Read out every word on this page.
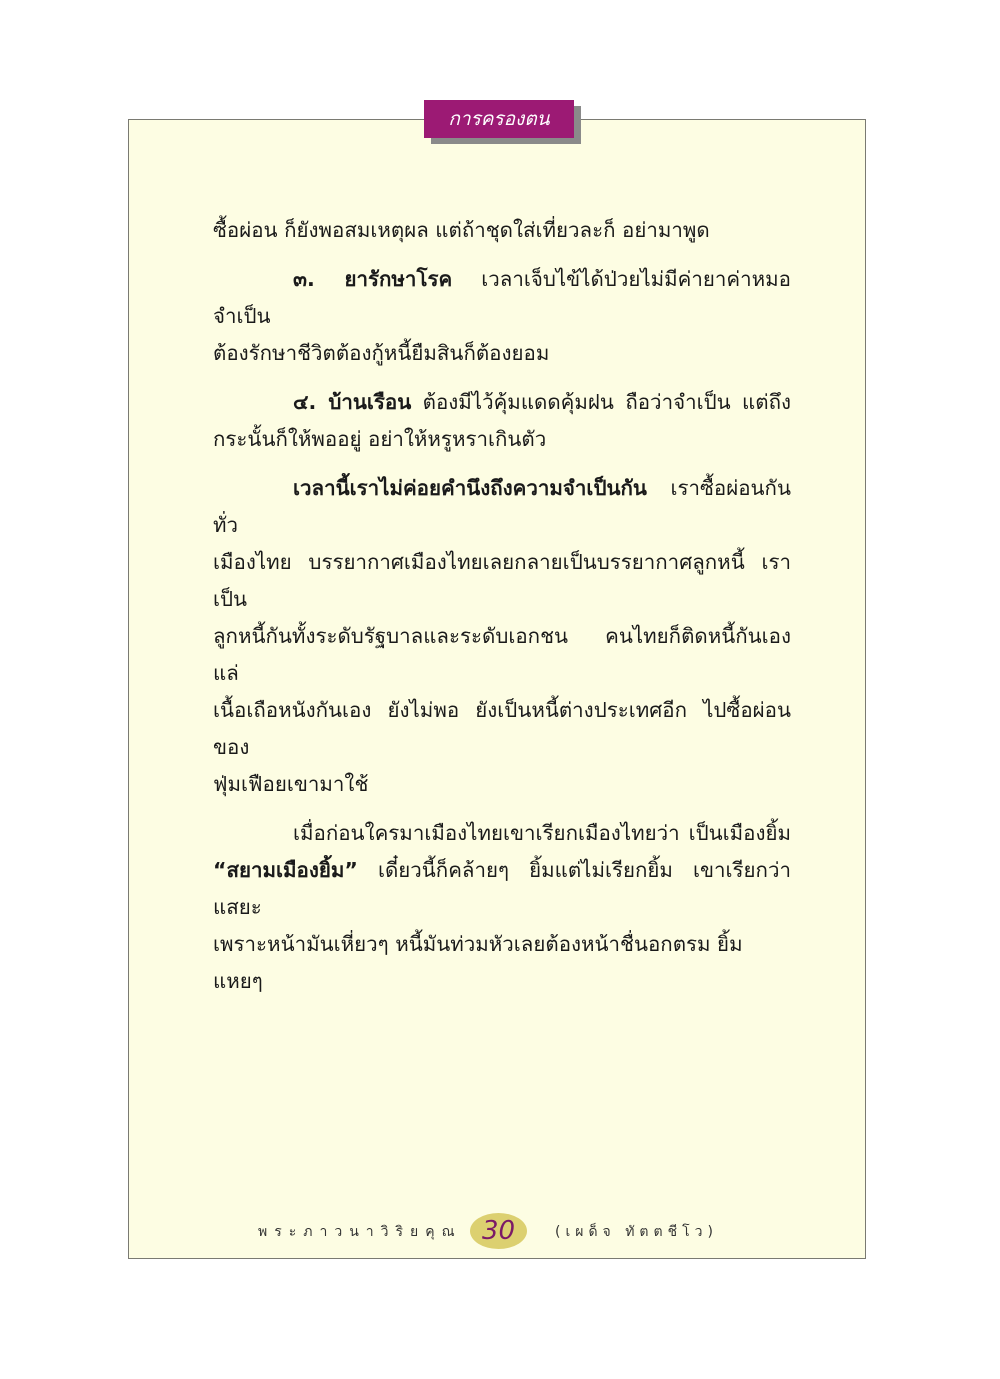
การครองตน

ซื้อผ่อน ก็ยังพอสมเหตุผล แต่ถ้าชุดใส่เที่ยวละก็ อย่ามาพูด

๓. ยารักษาโรค เวลาเจ็บไข้ได้ป่วยไม่มีค่ายาค่าหมอ จำเป็น

ต้องรักษาชีวิตต้องกู้หนี้ยืมสินก็ต้องยอม

๔. บ้านเรือน ต้องมีไว้คุ้มแดดคุ้มฝน ถือว่าจำเป็น แต่ถึง

กระนั้นก็ให้พออยู่ อย่าให้หรูหราเกินตัว

เวลานี้เราไม่ค่อยคำนึงถึงความจำเป็นกัน เราซื้อผ่อนกันทั่ว

เมืองไทย บรรยากาศเมืองไทยเลยกลายเป็นบรรยากาศลูกหนี้ เราเป็น

ลูกหนี้กันทั้งระดับรัฐบาลและระดับเอกชน คนไทยก็ติดหนี้กันเอง แล่

เนื้อเถือหนังกันเอง ยังไม่พอ ยังเป็นหนี้ต่างประเทศอีก ไปซื้อผ่อนของ

ฟุ่มเฟือยเขามาใช้

เมื่อก่อนใครมาเมืองไทยเขาเรียกเมืองไทยว่า เป็นเมืองยิ้ม

“สยามเมืองยิ้ม” เดี๋ยวนี้ก็คล้ายๆ ยิ้มแต่ไม่เรียกยิ้ม เขาเรียกว่า แสยะ

เพราะหน้ามันเหี่ยวๆ หนี้มันท่วมหัวเลยต้องหน้าชื่นอกตรม ยิ้มแหยๆ

พระภาวนาวิริยคุณ 30	(เผด็จ ทัตตชีโว)
